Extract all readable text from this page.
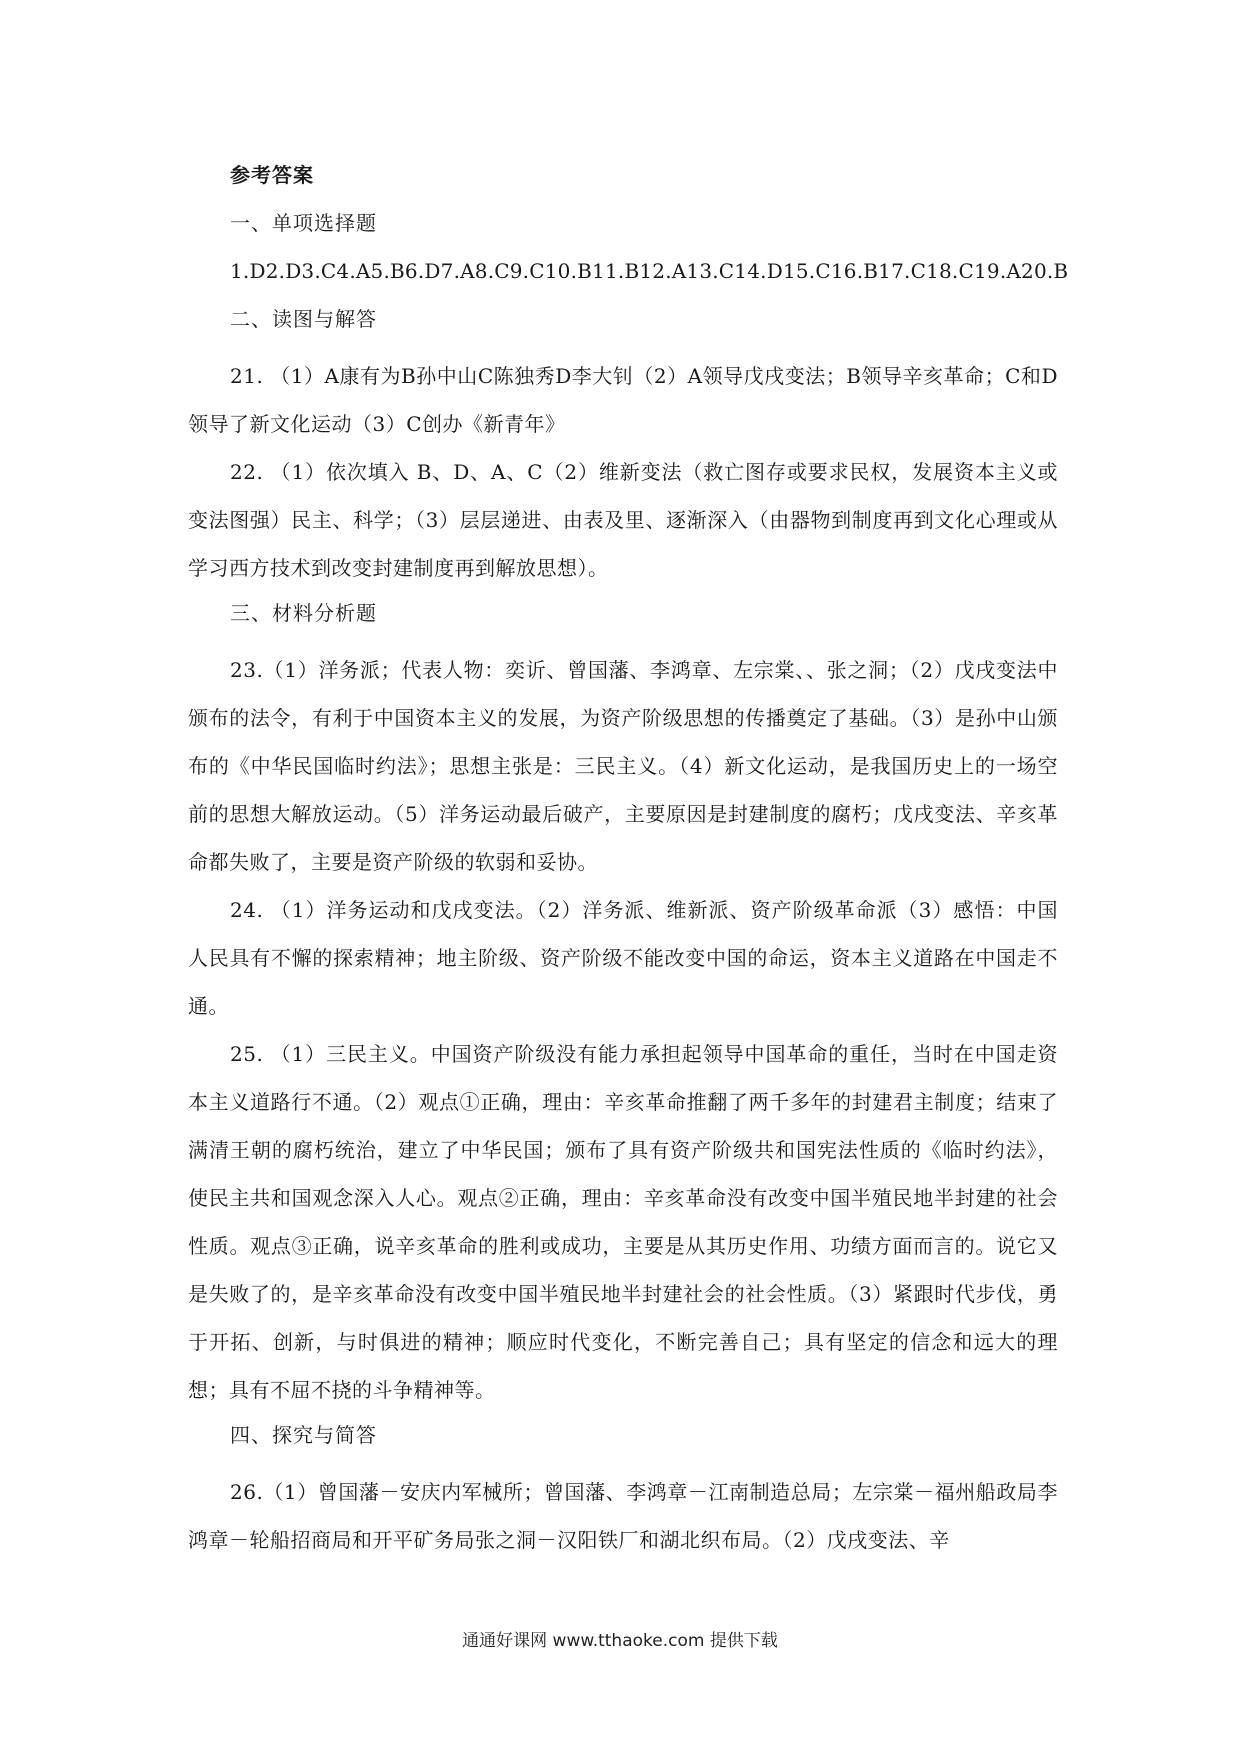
参考答案
一、单项选择题
1.D2.D3.C4.A5.B6.D7.A8.C9.C10.B11.B12.A13.C14.D15.C16.B17.C18.C19.A20.B
二、读图与解答

21. （1）A康有为B孙中山C陈独秀D李大钊（2）A领导戊戌变法；B领导辛亥革命；C和D领导了新文化运动（3）C创办《新青年》

22. （1）依次填入 B、D、A、C（2）维新变法（救亡图存或要求民权，发展资本主义或变法图强）民主、科学；（3）层层递进、由表及里、逐渐深入（由器物到制度再到文化心理或从学习西方技术到改变封建制度再到解放思想）。

三、材料分析题

23.（1）洋务派；代表人物：奕䜣、曾国藩、李鸿章、左宗棠、、张之洞；（2）戊戌变法中颁布的法令，有利于中国资本主义的发展，为资产阶级思想的传播奠定了基础。（3）是孙中山颁布的《中华民国临时约法》；思想主张是：三民主义。（4）新文化运动，是我国历史上的一场空前的思想大解放运动。（5）洋务运动最后破产，主要原因是封建制度的腐朽；戊戌变法、辛亥革命都失败了，主要是资产阶级的软弱和妥协。

24. （1）洋务运动和戊戌变法。（2）洋务派、维新派、资产阶级革命派（3）感悟：中国人民具有不懈的探索精神；地主阶级、资产阶级不能改变中国的命运，资本主义道路在中国走不通。

25. （1）三民主义。中国资产阶级没有能力承担起领导中国革命的重任，当时在中国走资本主义道路行不通。（2）观点①正确，理由：辛亥革命推翻了两千多年的封建君主制度；结束了满清王朝的腐朽统治，建立了中华民国；颁布了具有资产阶级共和国宪法性质的《临时约法》，使民主共和国观念深入人心。观点②正确，理由：辛亥革命没有改变中国半殖民地半封建的社会性质。观点③正确，说辛亥革命的胜利或成功，主要是从其历史作用、功绩方面而言的。说它又是失败了的，是辛亥革命没有改变中国半殖民地半封建社会的社会性质。（3）紧跟时代步伐，勇于开拓、创新，与时俱进的精神；顺应时代变化，不断完善自己；具有坚定的信念和远大的理想；具有不屈不挠的斗争精神等。

四、探究与简答

26.（1）曾国藩－安庆内军械所；曾国藩、李鸿章－江南制造总局；左宗棠－福州船政局李鸿章－轮船招商局和开平矿务局张之洞－汉阳铁厂和湖北织布局。（2）戊戌变法、辛

通通好课网 www.tthaoke.com 提供下载
